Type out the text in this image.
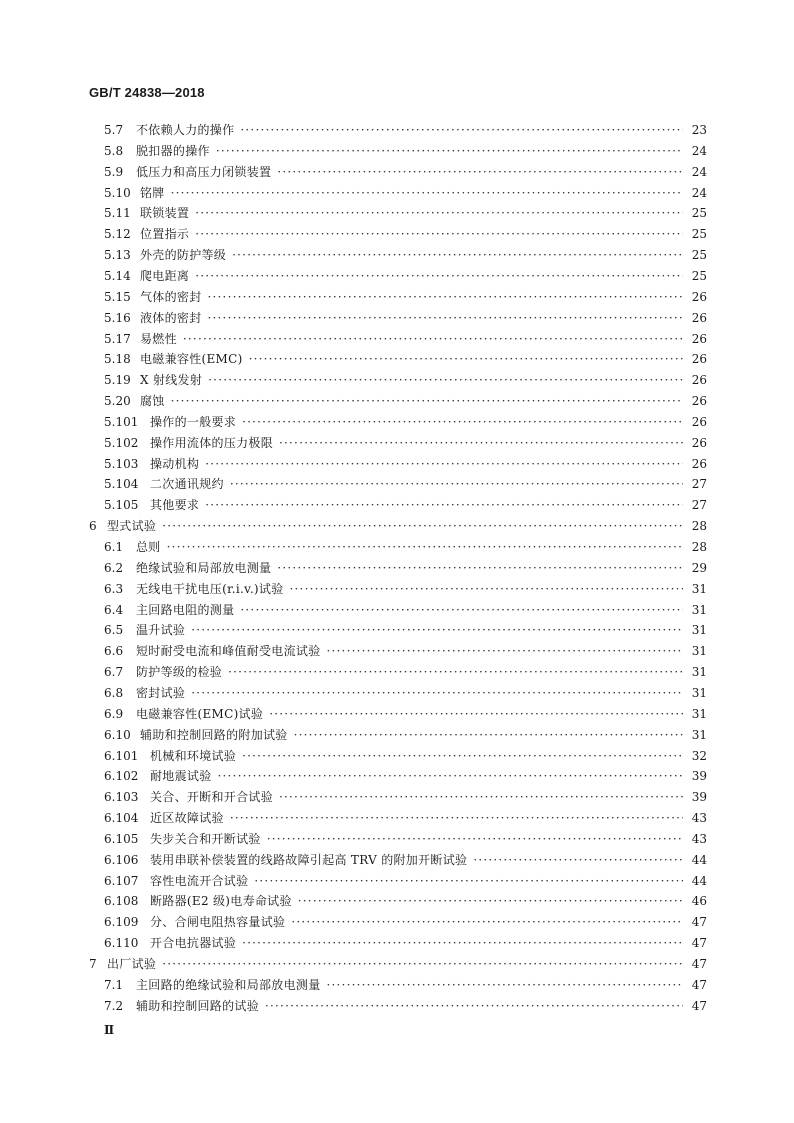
GB/T 24838—2018
5.7	不依赖人力的操作 ·····	23
5.8	脱扣器的操作 ·····	24
5.9	低压力和高压力闭锁装置 ·····	24
5.10 铭牌 ·····	24
5.11 联锁装置 ·····	25
5.12 位置指示 ·····	25
5.13 外壳的防护等级 ·····	25
5.14 爬电距离 ·····	25
5.15 气体的密封 ·····	26
5.16 液体的密封 ·····	26
5.17 易燃性 ·····	26
5.18 电磁兼容性(EMC) ·····	26
5.19 X 射线发射 ·····	26
5.20 腐蚀 ·····	26
5.101 操作的一般要求 ·····	26
5.102 操作用流体的压力极限 ·····	26
5.103 操动机构 ·····	26
5.104 二次通讯规约 ·····	27
5.105 其他要求 ·····	27
6 型式试验 ·····	28
6.1	总则 ·····	28
6.2	绝缘试验和局部放电测量 ·····	29
6.3	无线电干扰电压(r.i.v.)试验 ·····	31
6.4	主回路电阻的测量 ·····	31
6.5	温升试验 ·····	31
6.6	短时耐受电流和峰值耐受电流试验 ·····	31
6.7	防护等级的检验 ·····	31
6.8	密封试验 ·····	31
6.9	电磁兼容性(EMC)试验 ·····	31
6.10 辅助和控制回路的附加试验 ·····	31
6.101 机械和环境试验 ·····	32
6.102 耐地震试验 ·····	39
6.103 关合、开断和开合试验 ·····	39
6.104 近区故障试验 ·····	43
6.105 失步关合和开断试验 ·····	43
6.106 装用串联补偿装置的线路故障引起高 TRV 的附加开断试验 ·····	44
6.107 容性电流开合试验 ·····	44
6.108 断路器(E2 级)电寿命试验 ·····	46
6.109 分、合闸电阻热容量试验 ·····	47
6.110 开合电抗器试验 ·····	47
7 出厂试验 ·····	47
7.1	主回路的绝缘试验和局部放电测量 ·····	47
7.2	辅助和控制回路的试验 ·····	47
Ⅱ
